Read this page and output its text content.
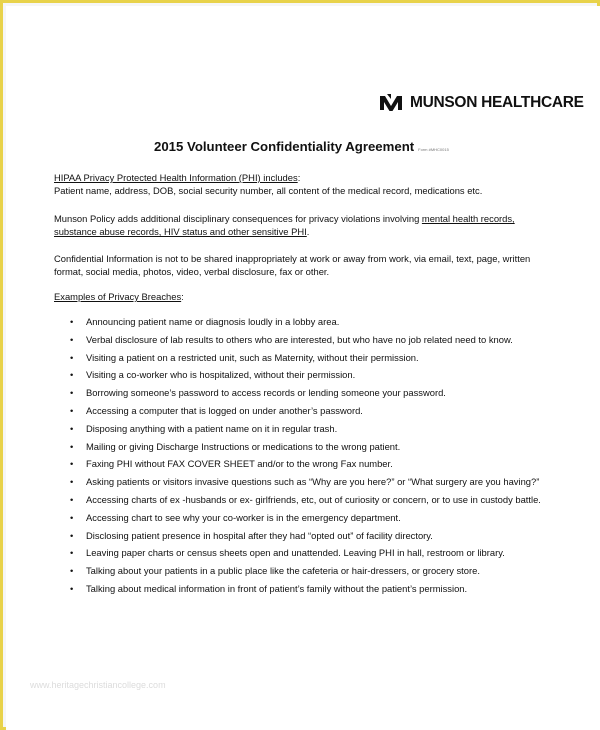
MUNSON HEALTHCARE
2015 Volunteer Confidentiality Agreement Form #MHC0015
HIPAA Privacy Protected Health Information (PHI) includes:
Patient name, address, DOB, social security number, all content of the medical record, medications etc.
Munson Policy adds additional disciplinary consequences for privacy violations involving mental health records, substance abuse records, HIV status and other sensitive PHI.
Confidential Information is not to be shared inappropriately at work or away from work, via email, text, page, written format, social media, photos, video, verbal disclosure, fax or other.
Examples of Privacy Breaches:
• Announcing patient name or diagnosis loudly in a lobby area.
• Verbal disclosure of lab results to others who are interested, but who have no job related need to know.
• Visiting a patient on a restricted unit, such as Maternity, without their permission.
• Visiting a co-worker who is hospitalized, without their permission.
• Borrowing someone’s password to access records or lending someone your password.
• Accessing a computer that is logged on under another’s password.
• Disposing anything with a patient name on it in regular trash.
• Mailing or giving Discharge Instructions or medications to the wrong patient.
• Faxing PHI without FAX COVER SHEET and/or to the wrong Fax number.
• Asking patients or visitors invasive questions such as “Why are you here?” or “What surgery are you having?”
• Accessing charts of ex -husbands or ex- girlfriends, etc, out of curiosity or concern, or to use in custody battle.
• Accessing chart to see why your co-worker is in the emergency department.
• Disclosing patient presence in hospital after they had “opted out” of facility directory.
• Leaving paper charts or census sheets open and unattended. Leaving PHI in hall, restroom or library.
• Talking about your patients in a public place like the cafeteria or hair-dressers, or grocery store.
• Talking about medical information in front of patient’s family without the patient’s permission.
www.heritagechristiancollege.com
